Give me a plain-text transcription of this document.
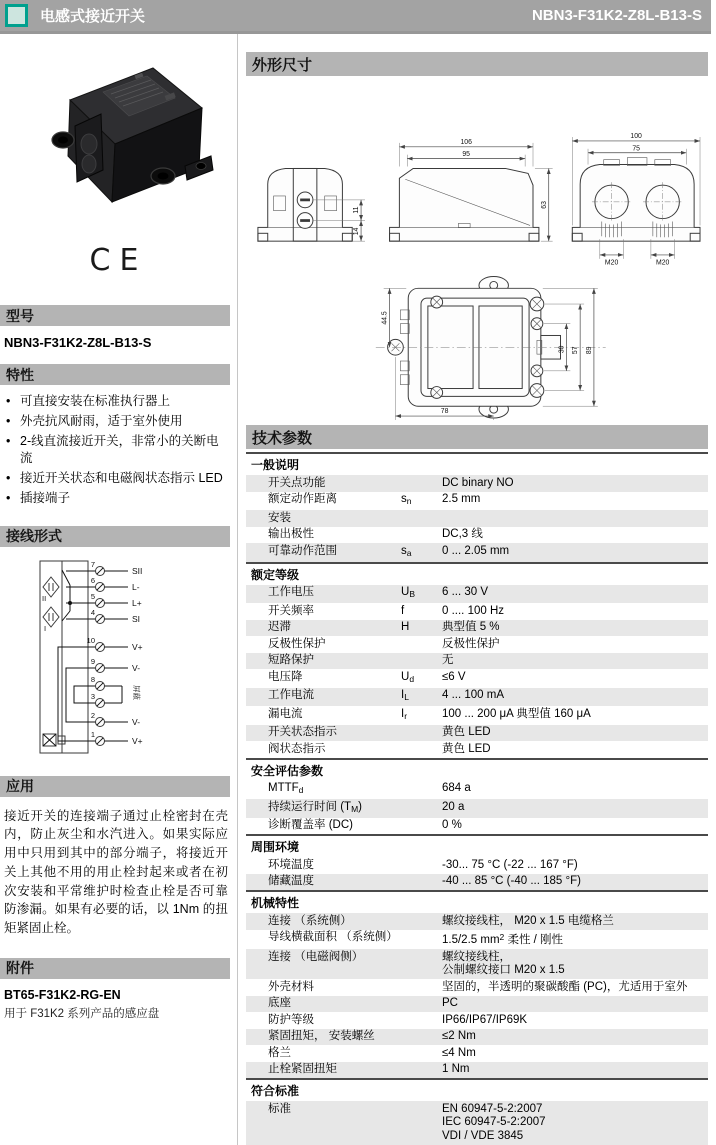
电感式接近开关	NBN3-F31K2-Z8L-B13-S
CE
型号
NBN3-F31K2-Z8L-B13-S
特性
• 可直接安装在标准执行器上
• 外壳抗风耐雨，适于室外使用
• 2-线直流接近开关，非常小的关断电流
• 接近开关状态和电磁阀状态指示 LED
• 插接端子
接线形式
II
I
7
SII
6
L-
5
L+
4
SI
10
V+
9
V-
8
3	屏蔽
2
V-
1
V+
应用
接近开关的连接端子通过止栓密封在壳内，防止灰尘和水汽进入。如果实际应用中只用到其中的部分端子，将接近开关上其他不用的用止栓封起来或者在初次安装和平常维护时检查止栓是否可靠防渗漏。如果有必要的话，以 1Nm 的扭矩紧固止栓。
附件
BT65-F31K2-RG-EN
用于 F31K2 系列产品的感应盘
外形尺寸
11
14
106
95
63
100
75
M20	M20
44.5
30 57 89
78
技术参数
一般说明
开关点功能	DC binary NO
额定动作距离	$s_n$	2.5 mm
安装
输出极性	DC,3 线
可靠动作范围	$s_a$	0 ... 2.05 mm
额定等级
工作电压	$U_B$	6 ... 30 V
开关频率	f	0 .... 100 Hz
迟滞	H	典型值 5 %
反极性保护	反极性保护
短路保护	无
电压降	$U_d$	≤6 V
工作电流	$I_L$	4 ... 100 mA
漏电流	$I_r$	100 ... 200 μA 典型值 160 μA
开关状态指示	黄色 LED
阀状态指示	黄色 LED
安全评估参数
$MTTF_d$	684 a
持续运行时间 $(T_M)$	20 a
诊断覆盖率 (DC)	0 %
周围环境
环境温度	-30... 75 °C (-22 ... 167 °F)
储藏温度	-40 ... 85 °C (-40 ... 185 °F)
机械特性
连接 （系统侧）	螺纹接线柱， M20 x 1.5 电缆格兰
导线横截面积 （系统侧）	1.5/2.5 $mm^2$ 柔性 / 刚性
连接 （电磁阀侧）	螺纹接线柱，
公制螺纹接口 M20 x 1.5

外壳材料	坚固的，半透明的聚碳酸酯 (PC)，尤适用于室外
底座	PC
防护等级	IP66/IP67/IP69K
紧固扭矩， 安装螺丝	≤2 Nm
格兰	≤4 Nm
止栓紧固扭矩	1 Nm
符合标准
标准	EN 60947-5-2:2007
IEC 60947-5-2:2007
VDI / VDE 3845
